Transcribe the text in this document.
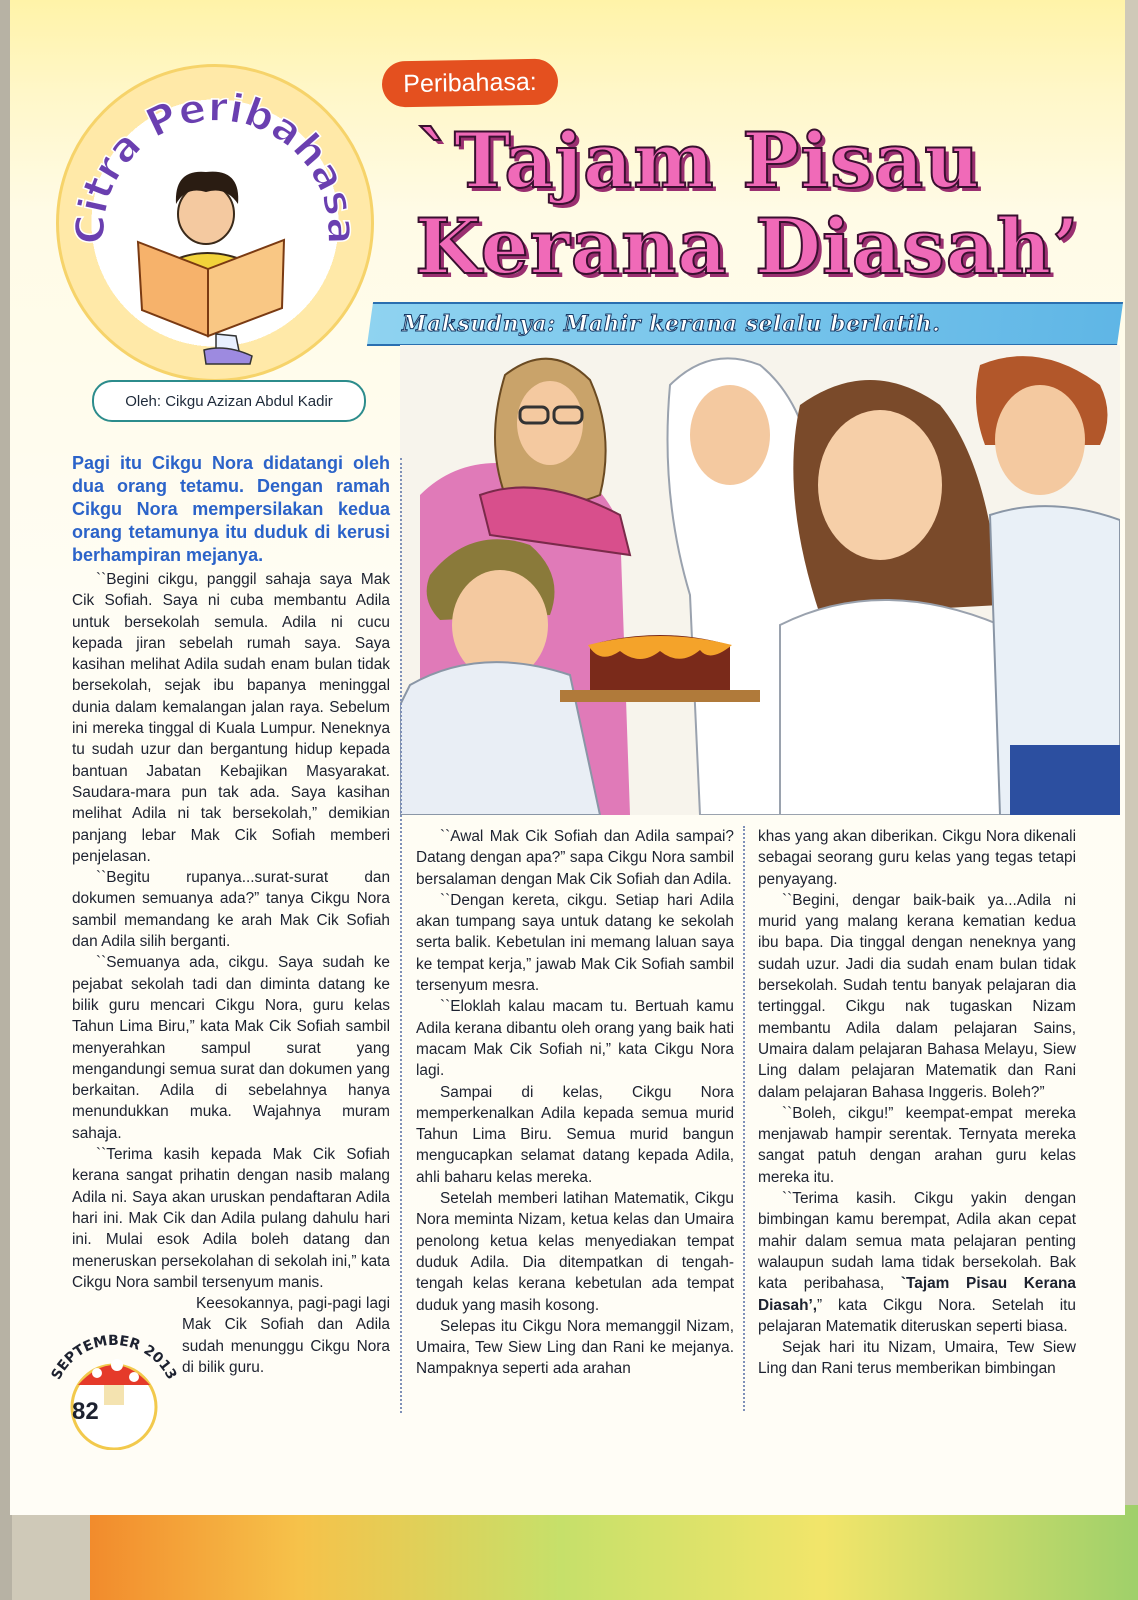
Citra Peribahasa
Oleh: Cikgu Azizan Abdul Kadir
Peribahasa:
`Tajam Pisau
Kerana Diasah’
Maksudnya: Mahir kerana selalu berlatih.

Pagi itu Cikgu Nora didatangi oleh dua orang tetamu. Dengan ramah Cikgu Nora mempersilakan kedua orang tetamunya itu duduk di kerusi berhampiran mejanya.

``Begini cikgu, panggil sahaja saya Mak Cik Sofiah. Saya ni cuba membantu Adila untuk bersekolah semula. Adila ni cucu kepada jiran sebelah rumah saya. Saya kasihan melihat Adila sudah enam bulan tidak bersekolah, sejak ibu bapanya meninggal dunia dalam kemalangan jalan raya. Sebelum ini mereka tinggal di Kuala Lumpur. Neneknya tu sudah uzur dan bergantung hidup kepada bantuan Jabatan Kebajikan Masyarakat. Saudara-mara pun tak ada. Saya kasihan melihat Adila ni tak bersekolah,” demikian panjang lebar Mak Cik Sofiah memberi penjelasan.

``Begitu rupanya...surat-surat dan dokumen semuanya ada?” tanya Cikgu Nora sambil memandang ke arah Mak Cik Sofiah dan Adila silih berganti.

``Semuanya ada, cikgu. Saya sudah ke pejabat sekolah tadi dan diminta datang ke bilik guru mencari Cikgu Nora, guru kelas Tahun Lima Biru,” kata Mak Cik Sofiah sambil menyerahkan sampul surat yang mengandungi semua surat dan dokumen yang berkaitan. Adila di sebelahnya hanya menundukkan muka. Wajahnya muram sahaja.

``Terima kasih kepada Mak Cik Sofiah kerana sangat prihatin dengan nasib malang Adila ni. Saya akan uruskan pendaftaran Adila hari ini. Mak Cik dan Adila pulang dahulu hari ini. Mulai esok Adila boleh datang dan meneruskan persekolahan di sekolah ini,” kata Cikgu Nora sambil tersenyum manis.

Keesokannya, pagi-pagi lagi Mak Cik Sofiah dan Adila sudah menunggu Cikgu Nora di bilik guru.

``Awal Mak Cik Sofiah dan Adila sampai? Datang dengan apa?” sapa Cikgu Nora sambil bersalaman dengan Mak Cik Sofiah dan Adila.

``Dengan kereta, cikgu. Setiap hari Adila akan tumpang saya untuk datang ke sekolah serta balik. Kebetulan ini memang laluan saya ke tempat kerja,” jawab Mak Cik Sofiah sambil tersenyum mesra.

``Eloklah kalau macam tu. Bertuah kamu Adila kerana dibantu oleh orang yang baik hati macam Mak Cik Sofiah ni,” kata Cikgu Nora lagi.

Sampai di kelas, Cikgu Nora memperkenalkan Adila kepada semua murid Tahun Lima Biru. Semua murid bangun mengucapkan selamat datang kepada Adila, ahli baharu kelas mereka.

Setelah memberi latihan Matematik, Cikgu Nora meminta Nizam, ketua kelas dan Umaira penolong ketua kelas menyediakan tempat duduk Adila. Dia ditempatkan di tengah-tengah kelas kerana kebetulan ada tempat duduk yang masih kosong.

Selepas itu Cikgu Nora memanggil Nizam, Umaira, Tew Siew Ling dan Rani ke mejanya. Nampaknya seperti ada arahan

khas yang akan diberikan. Cikgu Nora dikenali sebagai seorang guru kelas yang tegas tetapi penyayang.

``Begini, dengar baik-baik ya...Adila ni murid yang malang kerana kematian kedua ibu bapa. Dia tinggal dengan neneknya yang sudah uzur. Jadi dia sudah enam bulan tidak bersekolah. Sudah tentu banyak pelajaran dia tertinggal. Cikgu nak tugaskan Nizam membantu Adila dalam pelajaran Sains, Umaira dalam pelajaran Bahasa Melayu, Siew Ling dalam pelajaran Matematik dan Rani dalam pelajaran Bahasa Inggeris. Boleh?”

``Boleh, cikgu!” keempat-empat mereka menjawab hampir serentak. Ternyata mereka sangat patuh dengan arahan guru kelas mereka itu.

``Terima kasih. Cikgu yakin dengan bimbingan kamu berempat, Adila akan cepat mahir dalam semua mata pelajaran penting walaupun sudah lama tidak bersekolah. Bak kata peribahasa, `Tajam Pisau Kerana Diasah’,” kata Cikgu Nora. Setelah itu pelajaran Matematik diteruskan seperti biasa.

Sejak hari itu Nizam, Umaira, Tew Siew Ling dan Rani terus memberikan bimbingan

SEPTEMBER 2013
82
